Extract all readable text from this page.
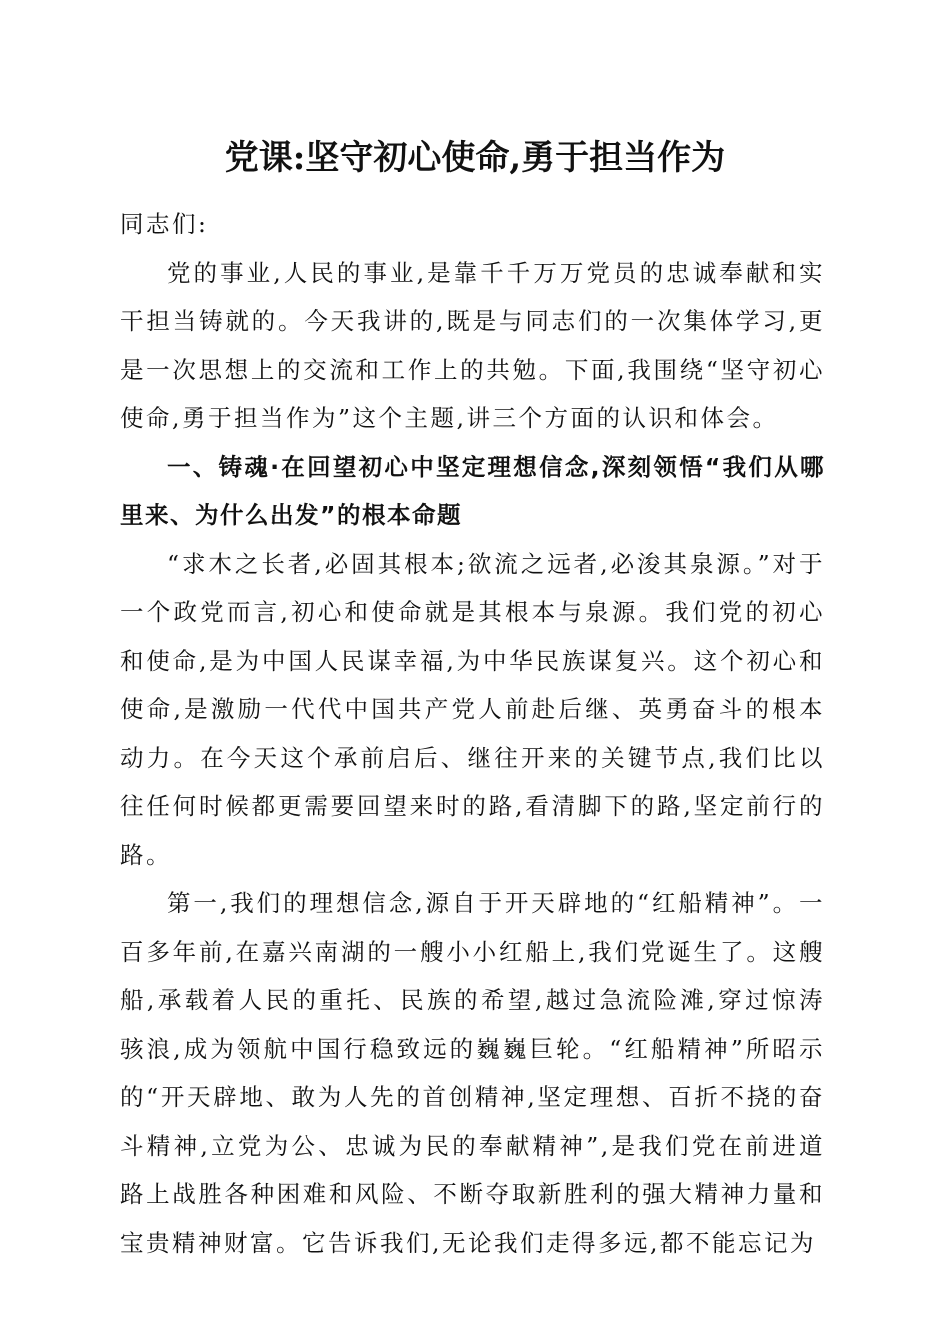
党课:坚守初心使命,勇于担当作为

同志们:

党的事业,人民的事业,是靠千千万万党员的忠诚奉献和实干担当铸就的。今天我讲的,既是与同志们的一次集体学习,更是一次思想上的交流和工作上的共勉。下面,我围绕“坚守初心使命,勇于担当作为”这个主题,讲三个方面的认识和体会。

一、铸魂·在回望初心中坚定理想信念,深刻领悟“我们从哪里来、为什么出发”的根本命题

“求木之长者,必固其根本;欲流之远者,必浚其泉源。”对于一个政党而言,初心和使命就是其根本与泉源。我们党的初心和使命,是为中国人民谋幸福,为中华民族谋复兴。这个初心和使命,是激励一代代中国共产党人前赴后继、英勇奋斗的根本动力。在今天这个承前启后、继往开来的关键节点,我们比以往任何时候都更需要回望来时的路,看清脚下的路,坚定前行的路。

第一,我们的理想信念,源自于开天辟地的“红船精神”。一百多年前,在嘉兴南湖的一艘小小红船上,我们党诞生了。这艘船,承载着人民的重托、民族的希望,越过急流险滩,穿过惊涛骇浪,成为领航中国行稳致远的巍巍巨轮。“红船精神”所昭示的“开天辟地、敢为人先的首创精神,坚定理想、百折不挠的奋斗精神,立党为公、忠诚为民的奉献精神”,是我们党在前进道路上战胜各种困难和风险、不断夺取新胜利的强大精神力量和宝贵精神财富。它告诉我们,无论我们走得多远,都不能忘记为
